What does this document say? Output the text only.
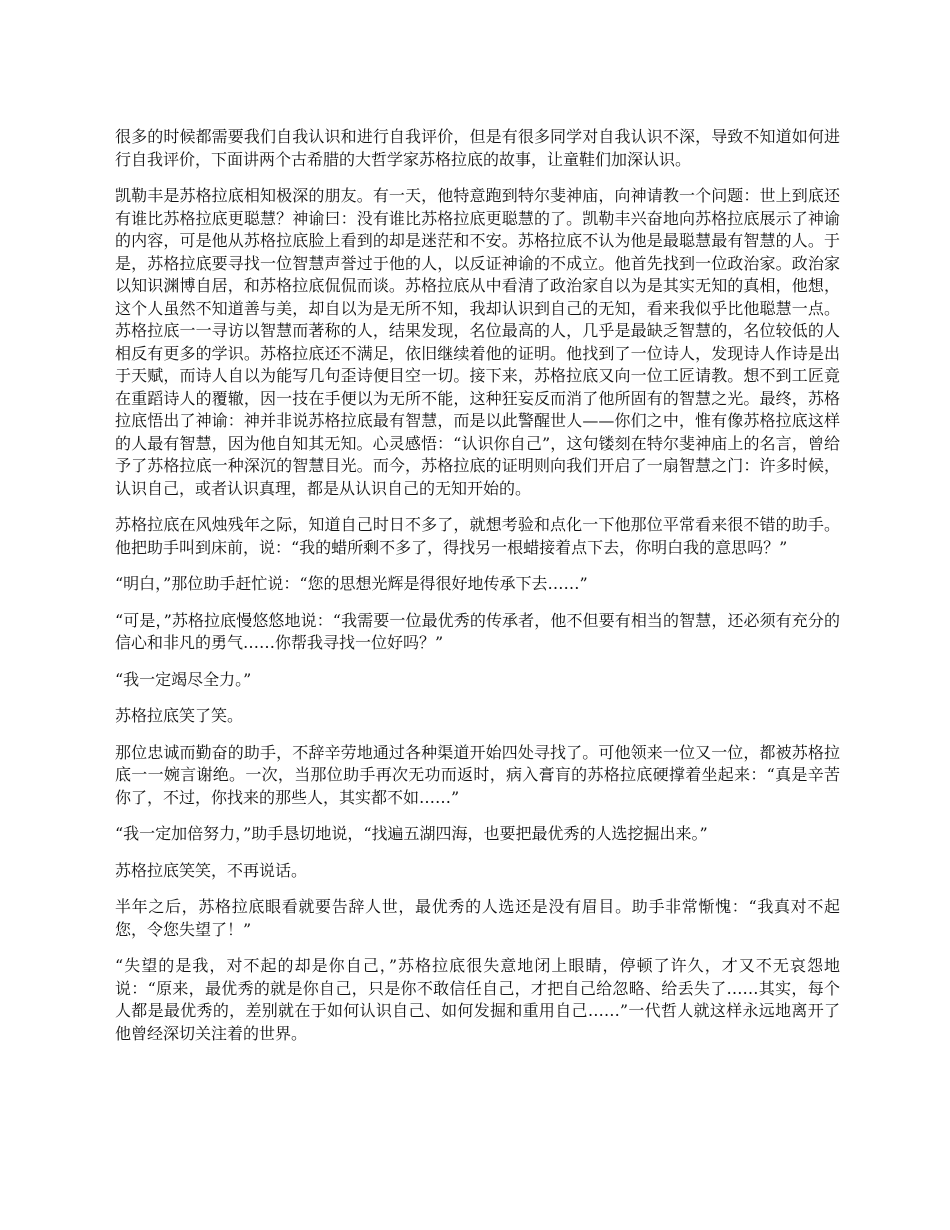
很多的时候都需要我们自我认识和进行自我评价，但是有很多同学对自我认识不深，导致不知道如何进行自我评价，下面讲两个古希腊的大哲学家苏格拉底的故事，让童鞋们加深认识。

凯勒丰是苏格拉底相知极深的朋友。有一天，他特意跑到特尔斐神庙，向神请教一个问题：世上到底还有谁比苏格拉底更聪慧？神谕曰：没有谁比苏格拉底更聪慧的了。凯勒丰兴奋地向苏格拉底展示了神谕的内容，可是他从苏格拉底脸上看到的却是迷茫和不安。苏格拉底不认为他是最聪慧最有智慧的人。于是，苏格拉底要寻找一位智慧声誉过于他的人，以反证神谕的不成立。他首先找到一位政治家。政治家以知识渊博自居，和苏格拉底侃侃而谈。苏格拉底从中看清了政治家自以为是其实无知的真相，他想，这个人虽然不知道善与美，却自以为是无所不知，我却认识到自己的无知，看来我似乎比他聪慧一点。苏格拉底一一寻访以智慧而著称的人，结果发现，名位最高的人，几乎是最缺乏智慧的，名位较低的人相反有更多的学识。苏格拉底还不满足，依旧继续着他的证明。他找到了一位诗人，发现诗人作诗是出于天赋，而诗人自以为能写几句歪诗便目空一切。接下来，苏格拉底又向一位工匠请教。想不到工匠竟在重蹈诗人的覆辙，因一技在手便以为无所不能，这种狂妄反而消了他所固有的智慧之光。最终，苏格拉底悟出了神谕：神并非说苏格拉底最有智慧，而是以此警醒世人——你们之中，惟有像苏格拉底这样的人最有智慧，因为他自知其无知。心灵感悟：“认识你自己”，这句镂刻在特尔斐神庙上的名言，曾给予了苏格拉底一种深沉的智慧目光。而今，苏格拉底的证明则向我们开启了一扇智慧之门：许多时候，认识自己，或者认识真理，都是从认识自己的无知开始的。

苏格拉底在风烛残年之际，知道自己时日不多了，就想考验和点化一下他那位平常看来很不错的助手。他把助手叫到床前，说：“我的蜡所剩不多了，得找另一根蜡接着点下去，你明白我的意思吗？”

“明白，”那位助手赶忙说：“您的思想光辉是得很好地传承下去……”

“可是，”苏格拉底慢悠悠地说：“我需要一位最优秀的传承者，他不但要有相当的智慧，还必须有充分的信心和非凡的勇气……你帮我寻找一位好吗？”

“我一定竭尽全力。”

苏格拉底笑了笑。

那位忠诚而勤奋的助手，不辞辛劳地通过各种渠道开始四处寻找了。可他领来一位又一位，都被苏格拉底一一婉言谢绝。一次，当那位助手再次无功而返时，病入膏肓的苏格拉底硬撑着坐起来：“真是辛苦你了，不过，你找来的那些人，其实都不如……”

“我一定加倍努力，”助手恳切地说，“找遍五湖四海，也要把最优秀的人选挖掘出来。”

苏格拉底笑笑，不再说话。

半年之后，苏格拉底眼看就要告辞人世，最优秀的人选还是没有眉目。助手非常惭愧：“我真对不起您，令您失望了！”

“失望的是我，对不起的却是你自己，”苏格拉底很失意地闭上眼睛，停顿了许久，才又不无哀怨地说：“原来，最优秀的就是你自己，只是你不敢信任自己，才把自己给忽略、给丢失了……其实，每个人都是最优秀的，差别就在于如何认识自己、如何发掘和重用自己……”一代哲人就这样永远地离开了他曾经深切关注着的世界。
